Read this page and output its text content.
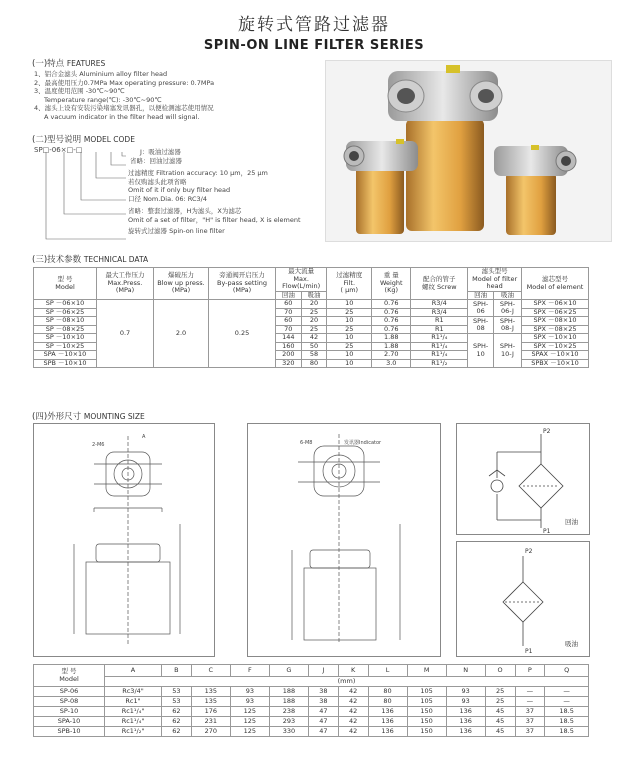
旋转式管路过滤器
SPIN-ON LINE FILTER SERIES
(一)特点 FEATURES
1、铝合金滤头 Aluminium alloy filter head
2、最高使用压力0.7MPa Max operating pressure: 0.7MPa
3、温度使用范围 -30℃~90℃
Temperature range(℃): -30℃~90℃
4、滤头上设有安装污染堵塞发讯器孔，以便检测滤芯使用情况
A vacuum indicator in the filter head will signal.
(二)型号说明 MODEL CODE
SP□-06×□-□	J：吸油过滤器
省略：回油过滤器
过滤精度 Filtration accuracy: 10 μm，25 μm
若仅购滤头此项省略
Omit of it if only buy filter head
口径 Nom.Dia. 06: RC3/4
省略：整套过滤器，H为滤头，X为滤芯
Omit of a set of filter，"H" is filter head, X is element
旋转式过滤器 Spin-on line filter
(三)技术参数 TECHNICAL DATA
型 号
Model	最大工作压力
Max.Press.
(MPa)	爆破压力
Blow up press.
(MPa)	旁通阀开启压力
By-pass setting
(MPa)	最大流量
Max. Flow(L/min)		过滤精度
Filt.
( μm)	重 量
Weight
(Kg)	配合的管子
螺纹 Screw	滤头型号
Model of filter head		滤芯型号
Model of element

				回油	吸油				回油	吸油	
SP －06×10	0.7	2.0	0.25	60	20	10	0.76	R3/4	SPH-06	SPH-06-J	SPX －06×10
SP －06×25				70	25	25	0.76	R3/4			SPX －06×25
SP －08×10				60	20	10	0.76	R1	SPH-08	SPH-08-J	SPX －08×10
SP －08×25				70	25	25	0.76	R1			SPX －08×25
SP －10×10				144	42	10	1.88	R1¹/₄	SPH-10	SPH-10-J	SPX －10×10
SP －10×25				160	50	25	1.88	R1¹/₄			SPX －10×25
SPA －10×10				200	58	10	2.70	R1¹/₄			SPAX －10×10
SPB －10×10				320	80	10	3.0	R1¹/₂			SPBX －10×10
(四)外形尺寸 MOUNTING SIZE
2-M6
A
发讯器Indicator
6-M8
P2
P1
回油
P2
P1
吸油
型 号
Model	A	B	C	F	G	J	K	L	M	N	O	P	Q
	(mm)												
SP-06	Rc3/4"	53	135	93	188	38	42	80	105	93	25	—	—
SP-08	Rc1"	53	135	93	188	38	42	80	105	93	25	—	—
SP-10	Rc1¹/₄"	62	176	125	238	47	42	136	150	136	45	37	18.5
SPA-10	Rc1¹/₄"	62	231	125	293	47	42	136	150	136	45	37	18.5
SPB-10	Rc1¹/₂"	62	270	125	330	47	42	136	150	136	45	37	18.5
